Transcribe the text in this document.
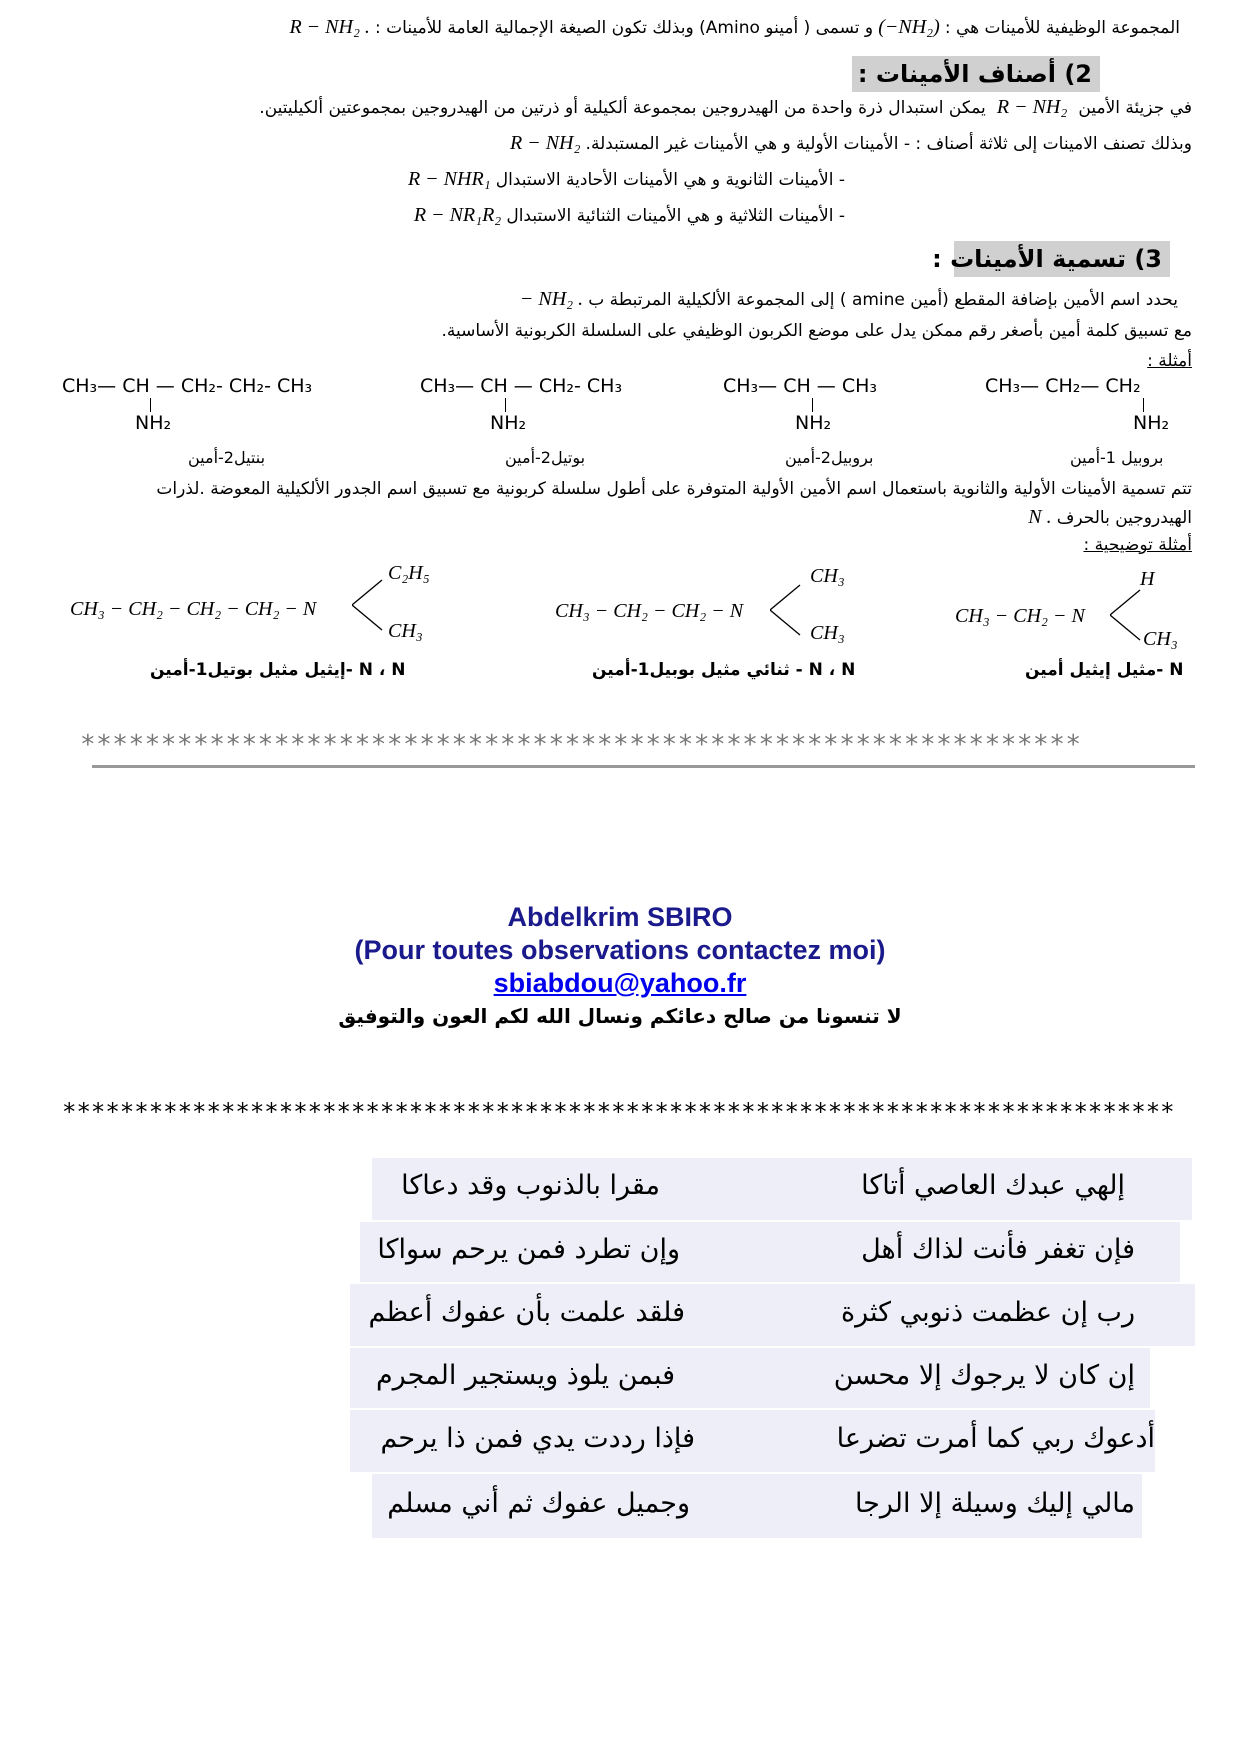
المجموعة الوظيفية للأمينات هي : (−NH₂) و تسمى ( أمينو Amino) وبذلك تكون الصيغة الإجمالية العامة للأمينات : R − NH₂ .
2) أصناف الأمينات :
في جزيئة الأمين R − NH₂ يمكن استبدال ذرة واحدة من الهيدروجين بمجموعة ألكيلية أو ذرتين من الهيدروجين بمجموعتين ألكيليتين.
وبذلك تصنف الامينات إلى ثلاثة أصناف : - الأمينات الأولية و هي الأمينات غير المستبدلة. R − NH₂
- الأمينات الثانوية و هي الأمينات الأحادية الاستبدال R − NHR₁
- الأمينات الثلاثية و هي الأمينات الثنائية الاستبدال R − NR₁R₂
3) تسمية الأمينات :
يحدد اسم الأمين بإضافة المقطع (أمين amine ) إلى المجموعة الألكيلية المرتبطة ب − NH₂ .
مع تسبيق كلمة أمين بأصغر رقم ممكن يدل على موضع الكربون الوظيفي على السلسلة الكربونية الأساسية.
أمثلة :
CH₃— CH₂— CH₂
NH₂
بروبيل 1-أمين
CH₃— CH — CH₃
NH₂
بروبيل2-أمين
CH₃— CH — CH₂- CH₃
NH₂
بوتيل2-أمين
CH₃— CH — CH₂- CH₂- CH₃
NH₂
بنتيل2-أمين
تتم تسمية الأمينات الأولية والثانوية باستعمال اسم الأمين الأولية المتوفرة على أطول سلسلة كربونية مع تسبيق اسم الجدور الألكيلية المعوضة .لذرات
الهيدروجين بالحرف N .
أمثلة توضيحية :
CH₃ − CH₂ − N
H
CH₃
N -مثيل إيثيل أمين
CH₃ − CH₂ − CH₂ − N
CH₃
CH₃
N ، N - ثنائي مثيل بوبيل1-أمين
CH₃ − CH₂ − CH₂ − CH₂ − N
C₂H₅
CH₃
N ، N -إيثيل مثيل بوتيل1-أمين
**************************************************************
Abdelkrim SBIRO
(Pour toutes observations contactez moi)
sbiabdou@yahoo.fr
لا تنسونا من صالح دعائكم ونسال الله لكم العون والتوفيق
*****************************************************************************
إلهي عبدك العاصي أتاكا
مقرا بالذنوب وقد دعاكا
فإن تغفر فأنت لذاك أهل
وإن تطرد فمن يرحم سواكا
رب إن عظمت ذنوبي كثرة
فلقد علمت بأن عفوك أعظم
إن كان لا يرجوك إلا محسن
فبمن يلوذ ويستجير المجرم
أدعوك ربي كما أمرت تضرعا
فإذا رددت يدي فمن ذا يرحم
مالي إليك وسيلة إلا الرجا
وجميل عفوك ثم أني مسلم
